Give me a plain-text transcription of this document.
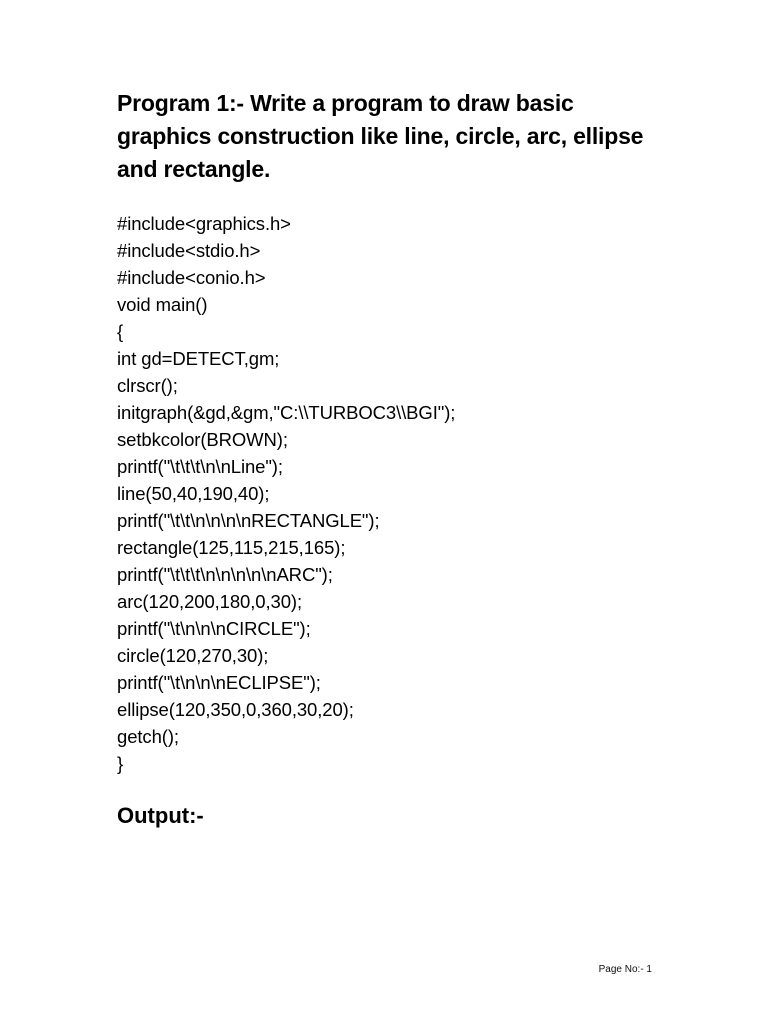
Program 1:- Write a program to draw basic graphics construction like line, circle, arc, ellipse and rectangle.
#include<graphics.h>
#include<stdio.h>
#include<conio.h>
void main()
{
int gd=DETECT,gm;
clrscr();
initgraph(&gd,&gm,"C:\\TURBOC3\\BGI");
setbkcolor(BROWN);
printf("\t\t\t\n\nLine");
line(50,40,190,40);
printf("\t\t\n\n\n\nRECTANGLE");
rectangle(125,115,215,165);
printf("\t\t\t\n\n\n\n\nARC");
arc(120,200,180,0,30);
printf("\t\n\n\nCIRCLE");
circle(120,270,30);
printf("\t\n\n\nECLIPSE");
ellipse(120,350,0,360,30,20);
getch();
}
Output:-
Page No:- 1
